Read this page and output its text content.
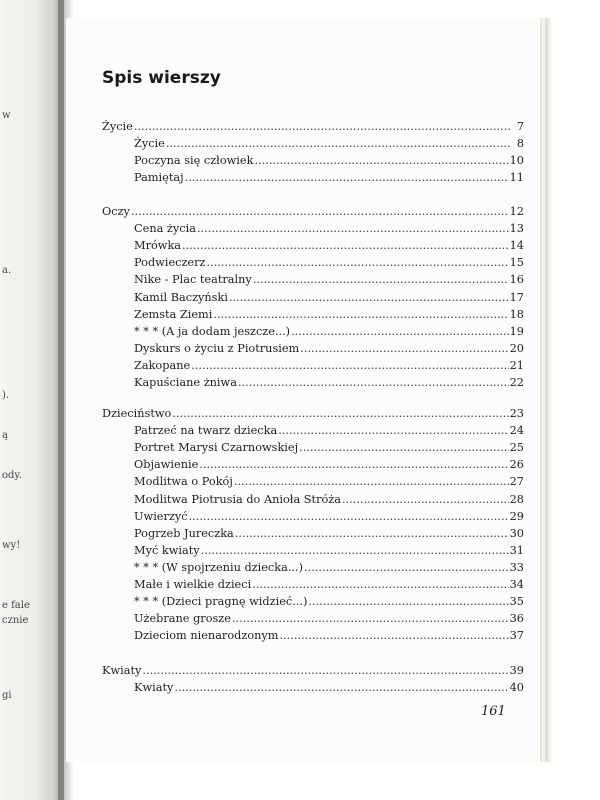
w
a.
).
ą
ody.
wy!
e fale
cznie
gi
Spis wierszy
Życie .....	7
Życie .....	8
Poczyna się człowiek .....	10
Pamiętaj .....	11
Oczy .....	12
Cena życia .....	13
Mrówka .....	14
Podwieczerz .....	15
Nike - Plac teatralny .....	16
Kamil Baczyński .....	17
Zemsta Ziemi .....	18
* * * (A ja dodam jeszcze...) .....	19
Dyskurs o życiu z Piotrusiem .....	20
Zakopane .....	21
Kapuściane żniwa .....	22
Dzieciństwo .....	23
Patrzeć na twarz dziecka .....	24
Portret Marysi Czarnowskiej .....	25
Objawienie .....	26
Modlitwa o Pokój .....	27
Modlitwa Piotrusia do Anioła Stróża .....	28
Uwierzyć .....	29
Pogrzeb Jureczka .....	30
Myć kwiaty .....	31
* * * (W spojrzeniu dziecka...) .....	33
Małe i wielkie dzieci .....	34
* * * (Dzieci pragnę widzieć...) .....	35
Użebrane grosze .....	36
Dzieciom nienarodzonym .....	37
Kwiaty .....	39
Kwiaty .....	40
161
